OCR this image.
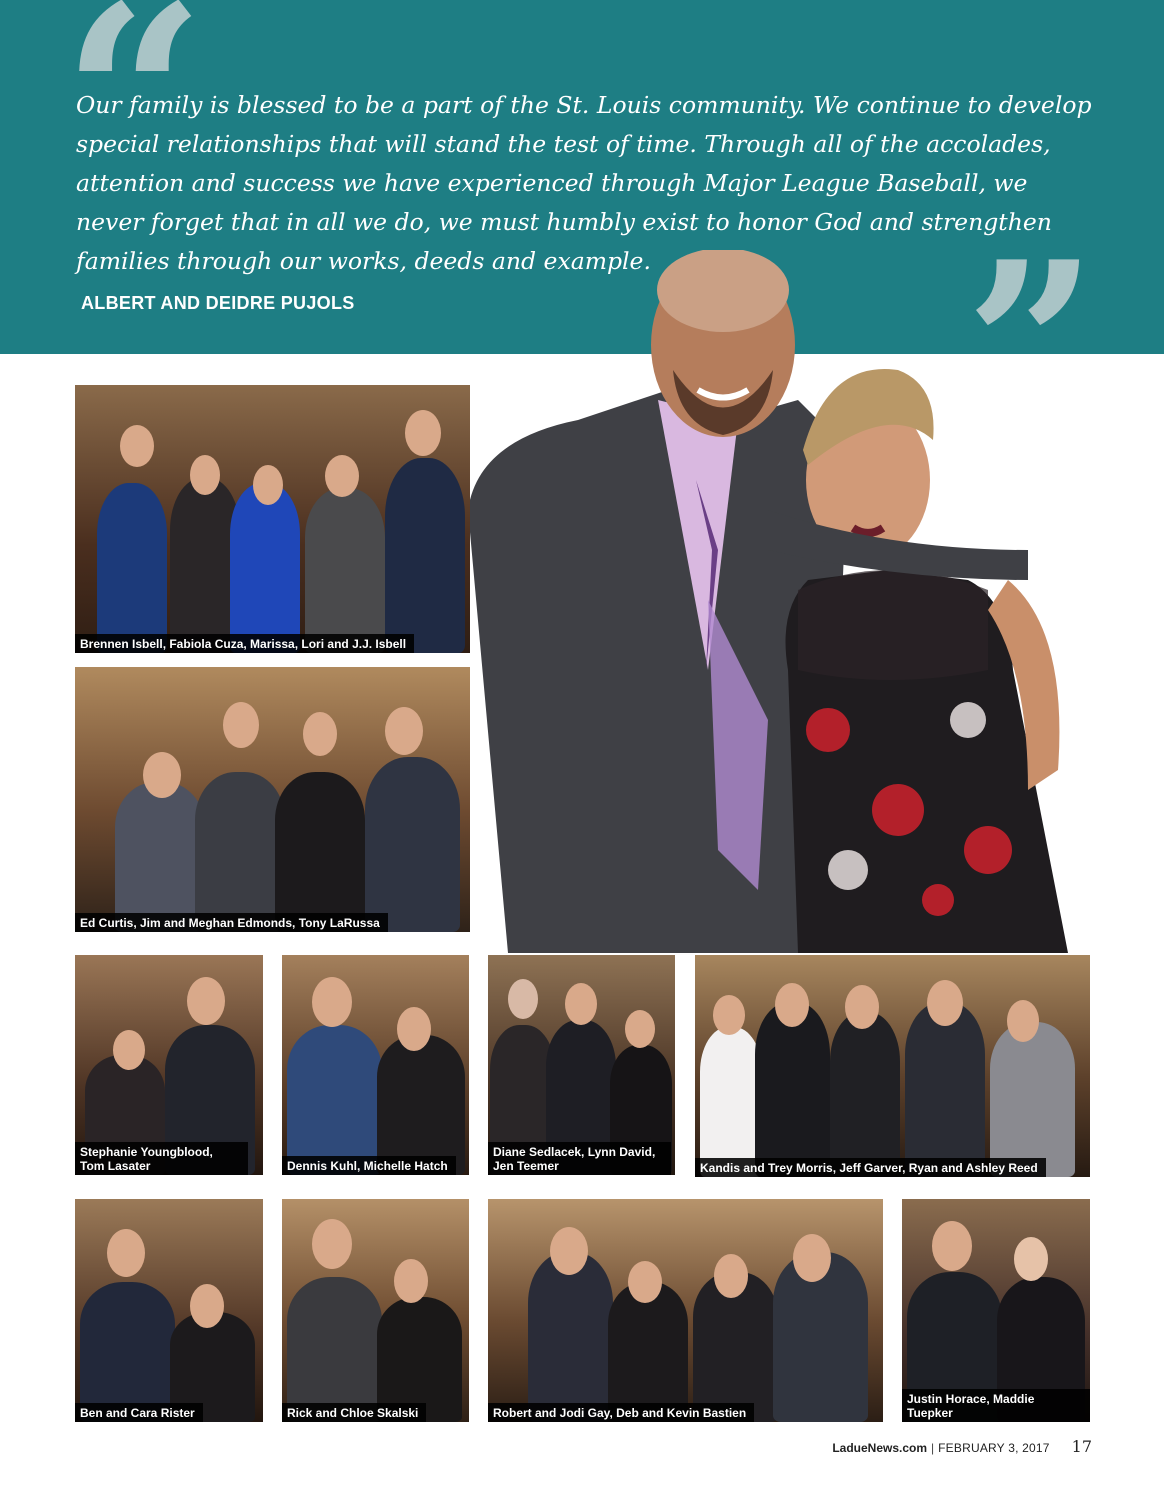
“

Our family is blessed to be a part of the St. Louis community. We continue to develop special relationships that will stand the test of time. Through all of the accolades, attention and success we have experienced through Major League Baseball, we never forget that in all we do, we must humbly exist to honor God and strengthen families through our works, deeds and example.

ALBERT AND DEIDRE PUJOLS	”
Brennen Isbell, Fabiola Cuza, Marissa, Lori and J.J. Isbell
Ed Curtis, Jim and Meghan Edmonds, Tony LaRussa
Stephanie Youngblood, Tom Lasater	Dennis Kuhl, Michelle Hatch
Diane Sedlacek, Lynn David, Jen Teemer	Kandis and Trey Morris, Jeff Garver, Ryan and Ashley Reed
Ben and Cara Rister	Rick and Chloe Skalski	Robert and Jodi Gay, Deb and Kevin Bastien
Justin Horace, Maddie Tuepker
LadueNews.com | FEBRUARY 3, 2017 17
